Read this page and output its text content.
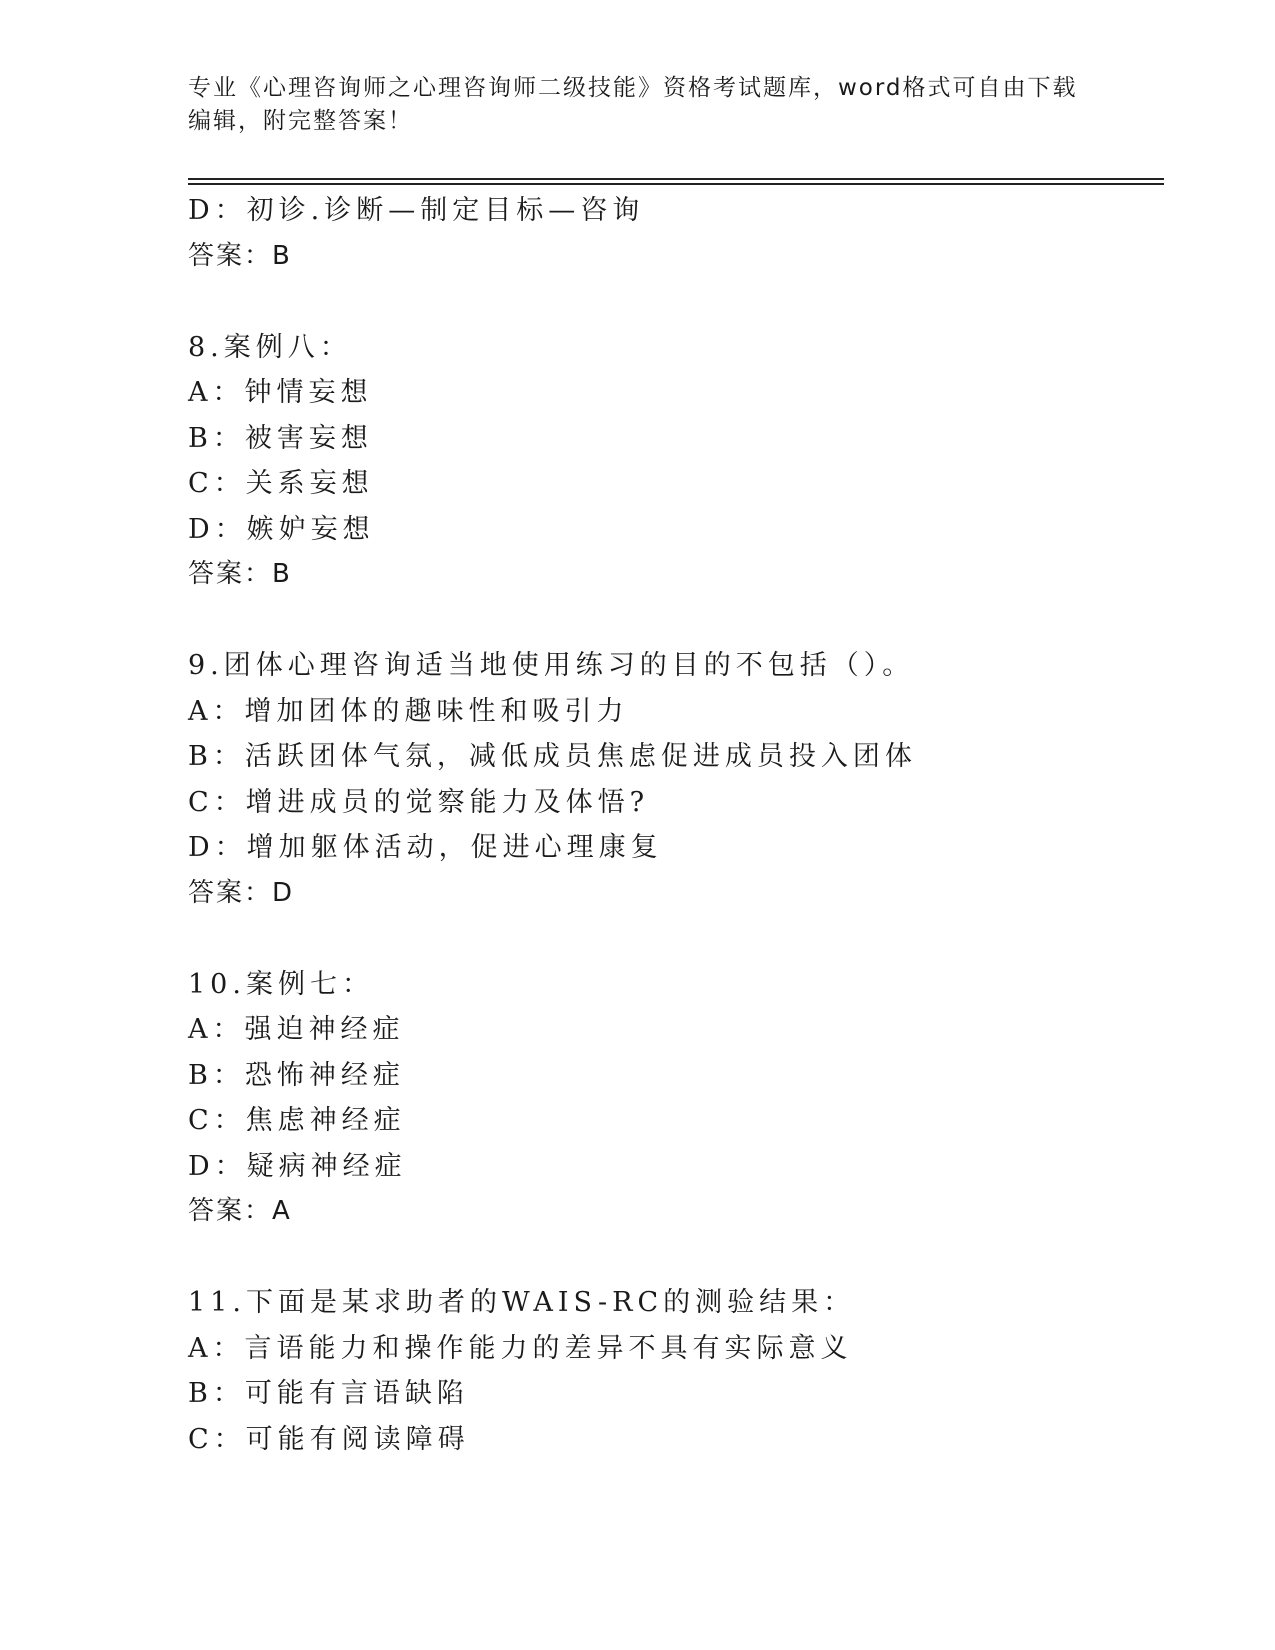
专业《心理咨询师之心理咨询师二级技能》资格考试题库，word格式可自由下载
编辑，附完整答案！
D：初诊.诊断—制定目标—咨询
答案：B
8.案例八：
A：钟情妄想
B：被害妄想
C：关系妄想
D：嫉妒妄想
答案：B
9.团体心理咨询适当地使用练习的目的不包括（）。
A：增加团体的趣味性和吸引力
B：活跃团体气氛，减低成员焦虑促进成员投入团体
C：增进成员的觉察能力及体悟?
D：增加躯体活动，促进心理康复
答案：D
10.案例七：
A：强迫神经症
B：恐怖神经症
C：焦虑神经症
D：疑病神经症
答案：A
11.下面是某求助者的WAIS-RC的测验结果：
A：言语能力和操作能力的差异不具有实际意义
B：可能有言语缺陷
C：可能有阅读障碍
